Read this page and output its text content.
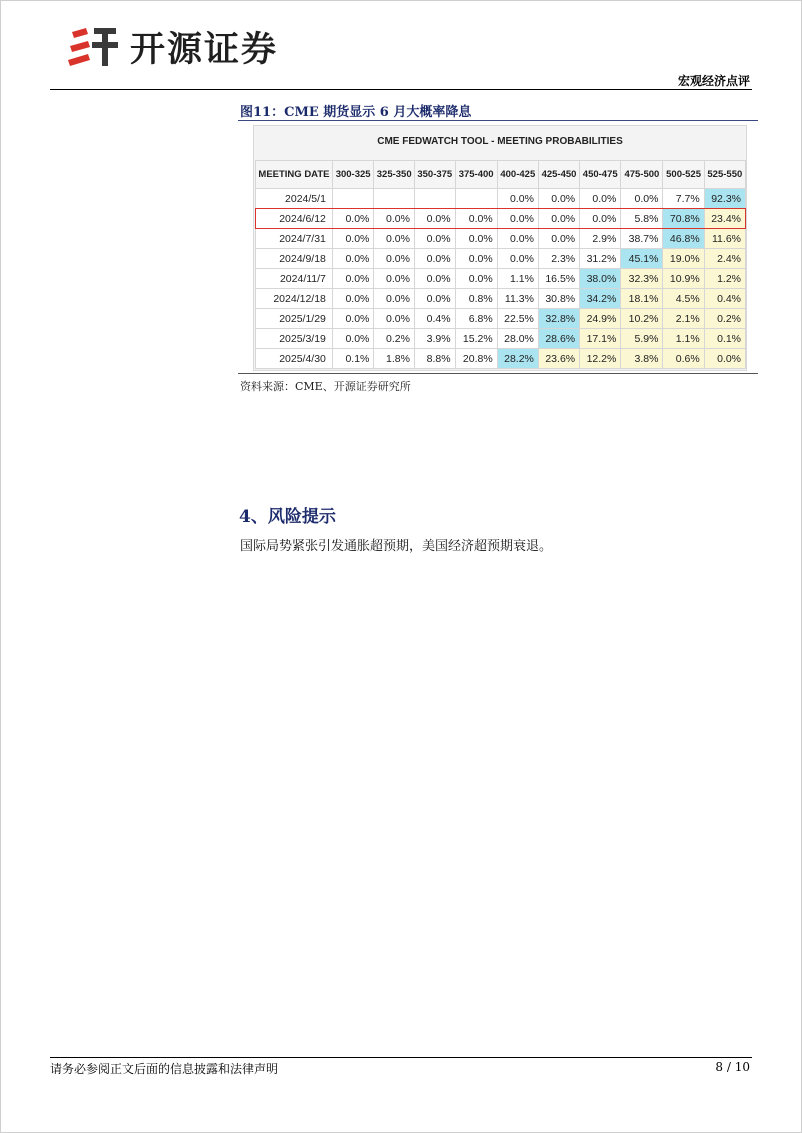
开源证券
宏观经济点评
图11：CME 期货显示 6 月大概率降息
CME FEDWATCH TOOL - MEETING PROBABILITIES
MEETING DATE	300-325	325-350	350-375	375-400	400-425	425-450	450-475	475-500	500-525	525-550
2024/5/1					0.0%	0.0%	0.0%	0.0%	7.7%	92.3%
2024/6/12	0.0%	0.0%	0.0%	0.0%	0.0%	0.0%	0.0%	5.8%	70.8%	23.4%
2024/7/31	0.0%	0.0%	0.0%	0.0%	0.0%	0.0%	2.9%	38.7%	46.8%	11.6%
2024/9/18	0.0%	0.0%	0.0%	0.0%	0.0%	2.3%	31.2%	45.1%	19.0%	2.4%
2024/11/7	0.0%	0.0%	0.0%	0.0%	1.1%	16.5%	38.0%	32.3%	10.9%	1.2%
2024/12/18	0.0%	0.0%	0.0%	0.8%	11.3%	30.8%	34.2%	18.1%	4.5%	0.4%
2025/1/29	0.0%	0.0%	0.4%	6.8%	22.5%	32.8%	24.9%	10.2%	2.1%	0.2%
2025/3/19	0.0%	0.2%	3.9%	15.2%	28.0%	28.6%	17.1%	5.9%	1.1%	0.1%
2025/4/30	0.1%	1.8%	8.8%	20.8%	28.2%	23.6%	12.2%	3.8%	0.6%	0.0%
资料来源：CME、开源证券研究所
4、风险提示
国际局势紧张引发通胀超预期，美国经济超预期衰退。
请务必参阅正文后面的信息披露和法律声明	8 / 10
